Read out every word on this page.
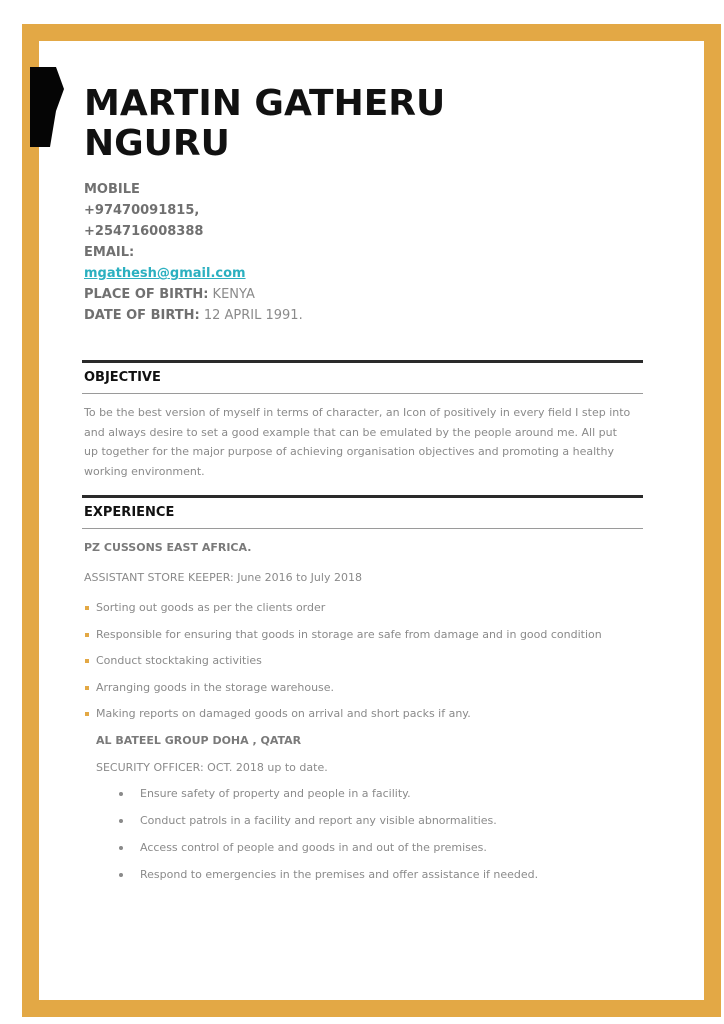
MARTIN GATHERU
NGURU
MOBILE
+97470091815,
+254716008388
EMAIL:
mgathesh@gmail.com
PLACE OF BIRTH: KENYA
DATE OF BIRTH: 12 APRIL 1991.
OBJECTIVE

To be the best version of myself in terms of character, an Icon of positively in every field I step into and always desire to set a good example that can be emulated by the people around me. All put up together for the major purpose of achieving organisation objectives and promoting a healthy working environment.

EXPERIENCE

PZ CUSSONS EAST AFRICA.

ASSISTANT STORE KEEPER: June 2016 to July 2018

Sorting out goods as per the clients order
Responsible for ensuring that goods in storage are safe from damage and in good condition
Conduct stocktaking activities
Arranging goods in the storage warehouse.
Making reports on damaged goods on arrival and short packs if any.

AL BATEEL GROUP DOHA , QATAR

SECURITY OFFICER: OCT. 2018 up to date.

Ensure safety of property and people in a facility.
Conduct patrols in a facility and report any visible abnormalities.
Access control of people and goods in and out of the premises.
Respond to emergencies in the premises and offer assistance if needed.
